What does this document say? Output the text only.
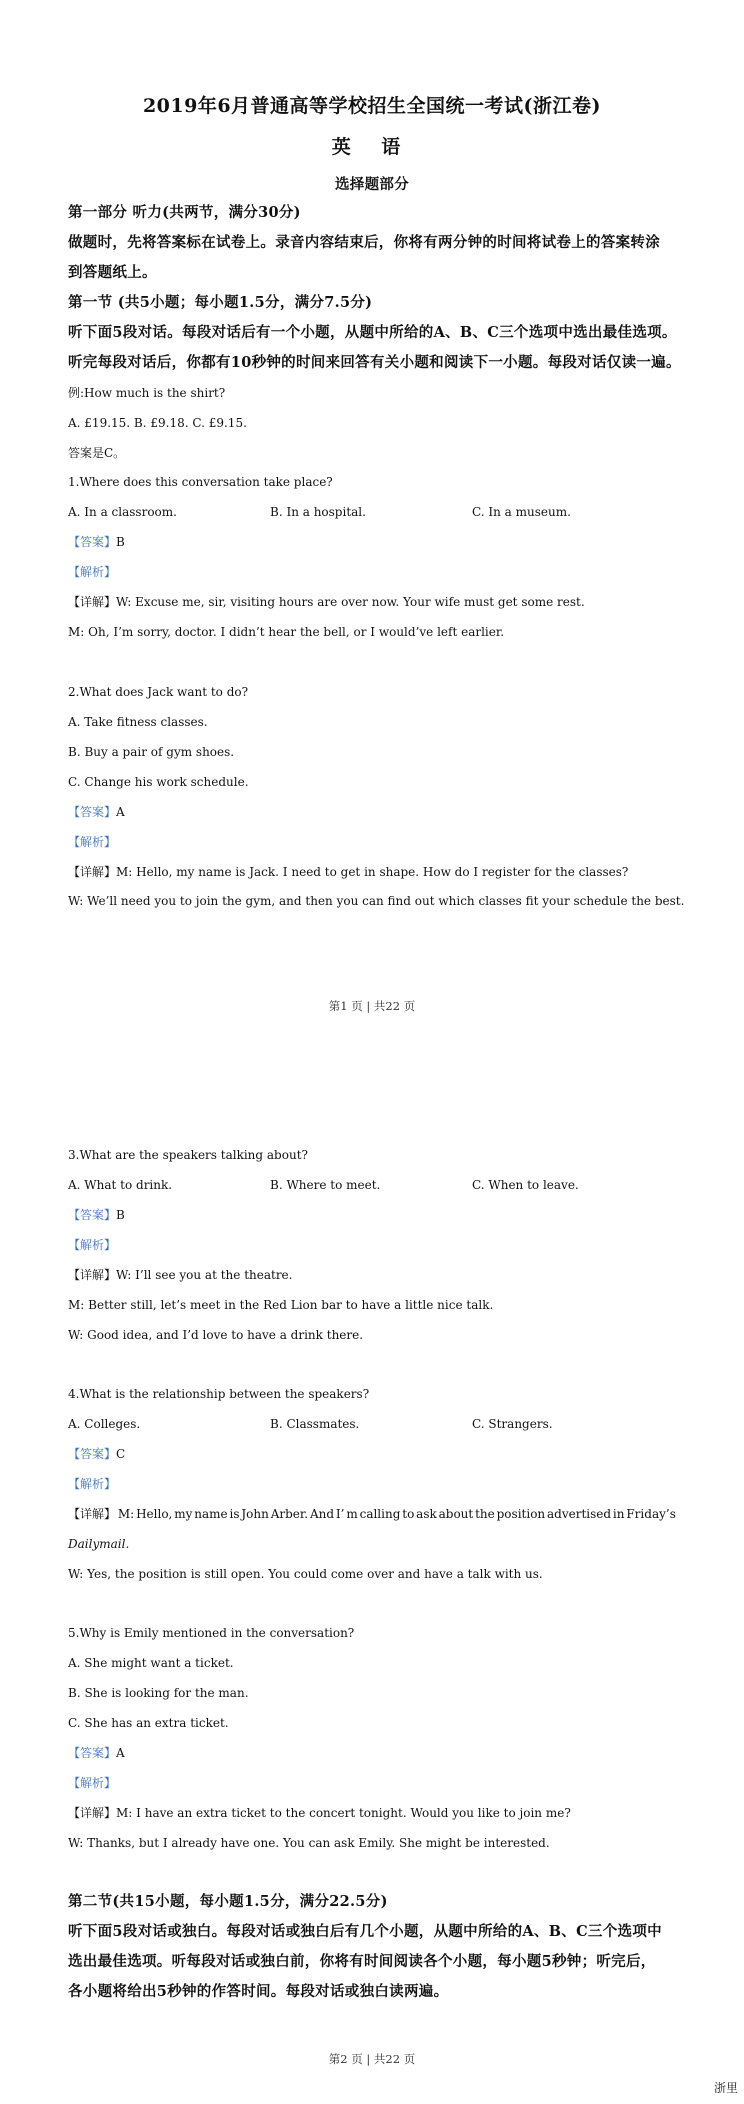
2019年6月普通高等学校招生全国统一考试(浙江卷)
英 语
选择题部分
第一部分 听力(共两节，满分30分)
做题时，先将答案标在试卷上。录音内容结束后，你将有两分钟的时间将试卷上的答案转涂
到答题纸上。
第一节 (共5小题；每小题1.5分，满分7.5分)
听下面5段对话。每段对话后有一个小题，从题中所给的A、B、C三个选项中选出最佳选项。
听完每段对话后，你都有10秒钟的时间来回答有关小题和阅读下一小题。每段对话仅读一遍。
例:How much is the shirt?
A. £19.15. B. £9.18. C. £9.15.
答案是C。
1.Where does this conversation take place?
A. In a classroom.	B. In a hospital.	C. In a museum.
【答案】B
【解析】
【详解】W: Excuse me, sir, visiting hours are over now. Your wife must get some rest.
M: Oh, I’m sorry, doctor. I didn’t hear the bell, or I would’ve left earlier.
2.What does Jack want to do?
A. Take fitness classes.
B. Buy a pair of gym shoes.
C. Change his work schedule.
【答案】A
【解析】
【详解】M: Hello, my name is Jack. I need to get in shape. How do I register for the classes?
W: We’ll need you to join the gym, and then you can find out which classes fit your schedule the best.
第1 页 | 共22 页
3.What are the speakers talking about?
A. What to drink.	B. Where to meet.	C. When to leave.
【答案】B
【解析】
【详解】W: I’ll see you at the theatre.
M: Better still, let’s meet in the Red Lion bar to have a little nice talk.
W: Good idea, and I’d love to have a drink there.
4.What is the relationship between the speakers?
A. Colleges.	B. Classmates.	C. Strangers.
【答案】C
【解析】
【详解】 M: Hello, my name is John Arber. And I’ m calling to ask about the position advertised in Friday’s
Dailymail.
W: Yes, the position is still open. You could come over and have a talk with us.
5.Why is Emily mentioned in the conversation?
A. She might want a ticket.
B. She is looking for the man.
C. She has an extra ticket.
【答案】A
【解析】
【详解】M: I have an extra ticket to the concert tonight. Would you like to join me?
W: Thanks, but I already have one. You can ask Emily. She might be interested.
第二节(共15小题，每小题1.5分，满分22.5分)
听下面5段对话或独白。每段对话或独白后有几个小题，从题中所给的A、B、C三个选项中
选出最佳选项。听每段对话或独白前，你将有时间阅读各个小题，每小题5秒钟；听完后，
各小题将给出5秒钟的作答时间。每段对话或独白读两遍。
第2 页 | 共22 页
浙里
